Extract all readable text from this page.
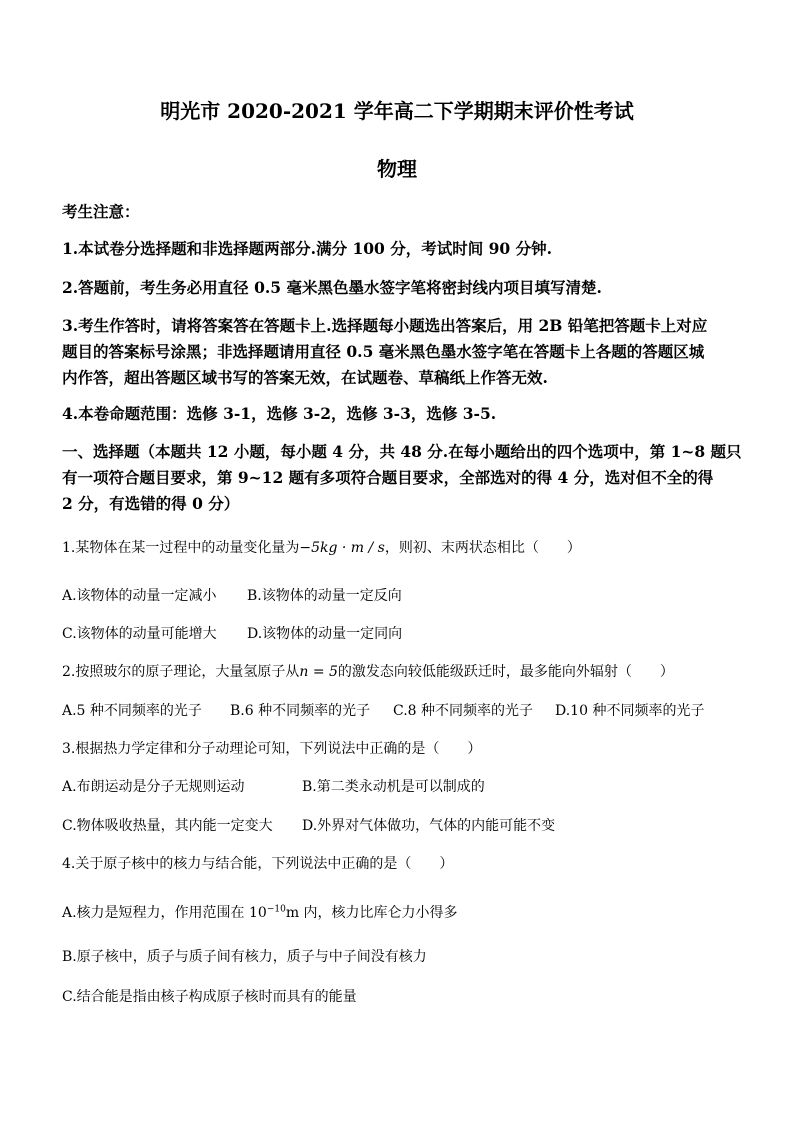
明光市 2020-2021 学年高二下学期期末评价性考试
物理
考生注意：
1.本试卷分选择题和非选择题两部分.满分 100 分，考试时间 90 分钟.
2.答题前，考生务必用直径 0.5 毫米黑色墨水签字笔将密封线内项目填写清楚.
3.考生作答时，请将答案答在答题卡上.选择题每小题选出答案后，用 2B 铅笔把答题卡上对应
题目的答案标号涂黑；非选择题请用直径 0.5 毫米黑色墨水签字笔在答题卡上各题的答题区城
内作答，超出答题区域书写的答案无效，在试题卷、草稿纸上作答无效.
4.本卷命题范围：选修 3-1，选修 3-2，选修 3-3，选修 3-5.
一、选择题（本题共 12 小题，每小题 4 分，共 48 分.在每小题给出的四个选项中，第 1~8 题只
有一项符合题目要求，第 9~12 题有多项符合题目要求，全部选对的得 4 分，选对但不全的得
2 分，有选错的得 0 分）
1.某物体在某一过程中的动量变化量为−5kg · m / s，则初、末两状态相比（　　）
A.该物体的动量一定减小 B.该物体的动量一定反向
C.该物体的动量可能增大 D.该物体的动量一定同向
2.按照玻尔的原子理论，大量氢原子从n = 5的激发态向较低能级跃迁时，最多能向外辐射（　　）
A.5 种不同频率的光子 B.6 种不同频率的光子 C.8 种不同频率的光子 D.10 种不同频率的光子
3.根据热力学定律和分子动理论可知，下列说法中正确的是（　　）
A.布朗运动是分子无规则运动	B.第二类永动机是可以制成的
C.物体吸收热量，其内能一定变大 D.外界对气体做功，气体的内能可能不变
4.关于原子核中的核力与结合能，下列说法中正确的是（　　）
A.核力是短程力，作用范围在 $10^{-10}m$ 内，核力比库仑力小得多
B.原子核中，质子与质子间有核力，质子与中子间没有核力
C.结合能是指由核子构成原子核时而具有的能量
